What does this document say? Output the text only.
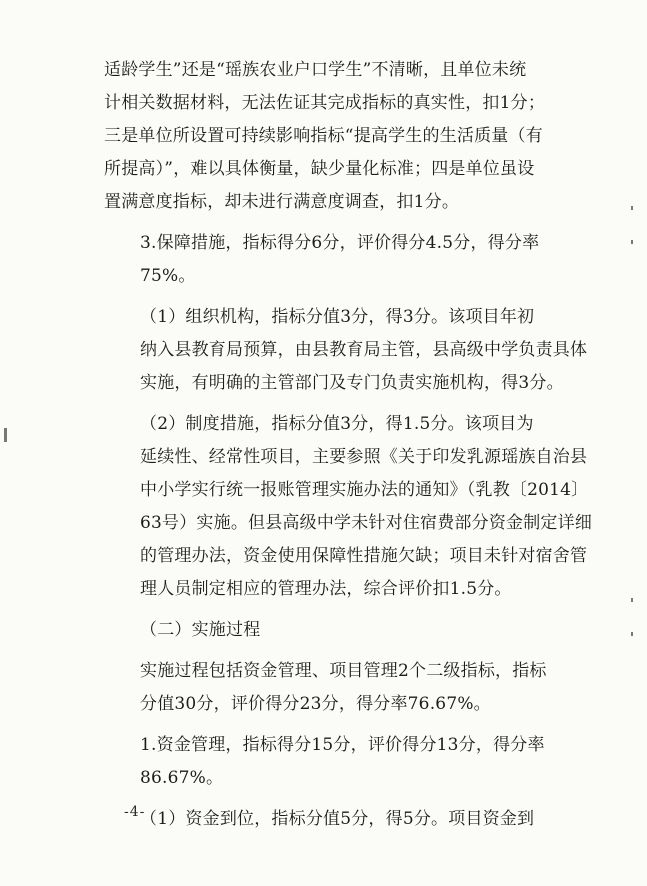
适龄学生”还是“瑶族农业户口学生”不清晰，且单位未统
计相关数据材料，无法佐证其完成指标的真实性，扣1分；
三是单位所设置可持续影响指标“提高学生的生活质量（有
所提高）”，难以具体衡量，缺少量化标准；四是单位虽设
置满意度指标，却未进行满意度调查，扣1分。

3.保障措施，指标得分6分，评价得分4.5分，得分率
75%。

（1）组织机构，指标分值3分，得3分。该项目年初
纳入县教育局预算，由县教育局主管，县高级中学负责具体
实施，有明确的主管部门及专门负责实施机构，得3分。

（2）制度措施，指标分值3分，得1.5分。该项目为
延续性、经常性项目，主要参照《关于印发乳源瑶族自治县
中小学实行统一报账管理实施办法的通知》（乳教〔2014〕
63号）实施。但县高级中学未针对住宿费部分资金制定详细
的管理办法，资金使用保障性措施欠缺；项目未针对宿舍管
理人员制定相应的管理办法，综合评价扣1.5分。

（二）实施过程

实施过程包括资金管理、项目管理2个二级指标，指标
分值30分，评价得分23分，得分率76.67%。

1.资金管理，指标得分15分，评价得分13分，得分率
86.67%。

（1）资金到位，指标分值5分，得5分。项目资金到

-4-
